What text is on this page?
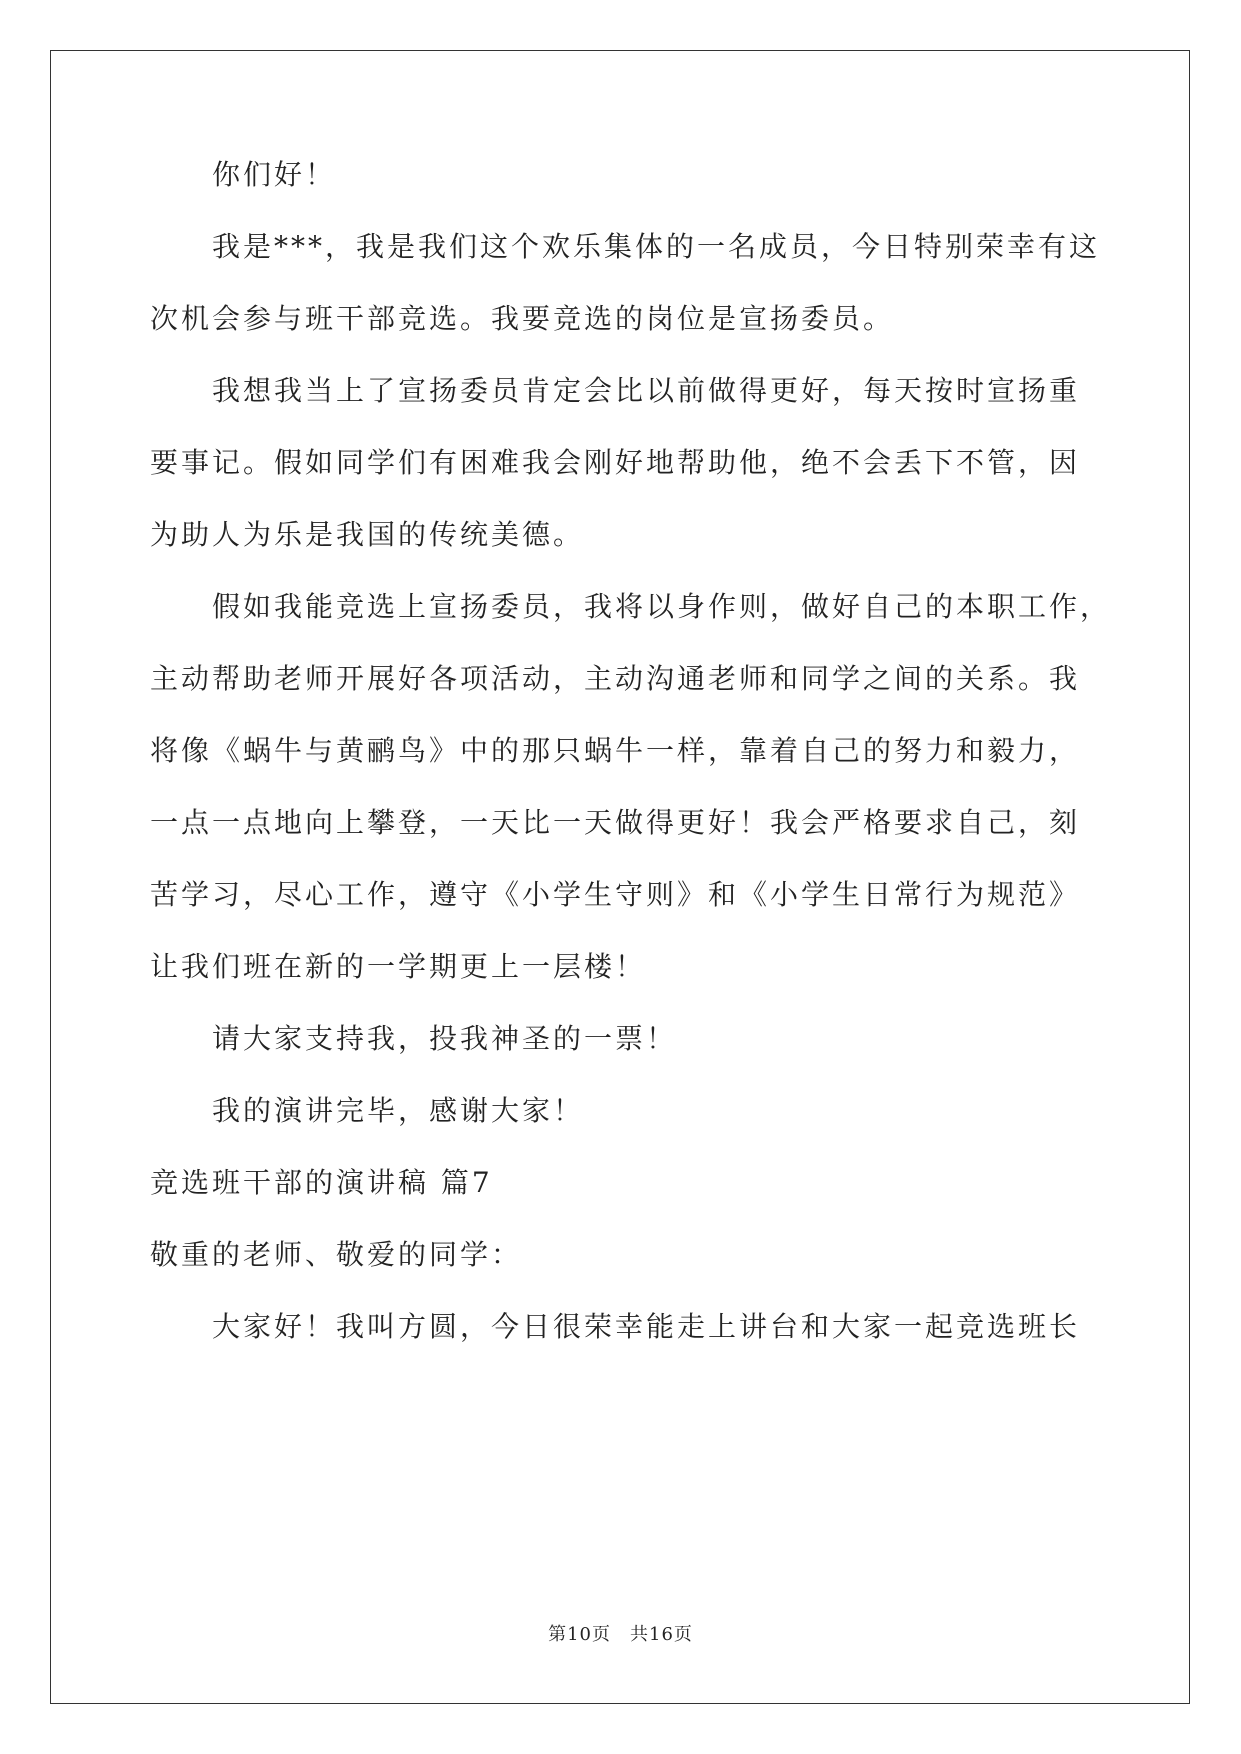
你们好！
我是***，我是我们这个欢乐集体的一名成员，今日特别荣幸有这
次机会参与班干部竞选。我要竞选的岗位是宣扬委员。
我想我当上了宣扬委员肯定会比以前做得更好，每天按时宣扬重
要事记。假如同学们有困难我会刚好地帮助他，绝不会丢下不管，因
为助人为乐是我国的传统美德。
假如我能竞选上宣扬委员，我将以身作则，做好自己的本职工作，
主动帮助老师开展好各项活动，主动沟通老师和同学之间的关系。我
将像《蜗牛与黄鹂鸟》中的那只蜗牛一样，靠着自己的努力和毅力，
一点一点地向上攀登，一天比一天做得更好！我会严格要求自己，刻
苦学习，尽心工作，遵守《小学生守则》和《小学生日常行为规范》
让我们班在新的一学期更上一层楼！
请大家支持我，投我神圣的一票！
我的演讲完毕，感谢大家！
竞选班干部的演讲稿 篇7
敬重的老师、敬爱的同学：
大家好！我叫方圆，今日很荣幸能走上讲台和大家一起竞选班长
第10页　共16页
